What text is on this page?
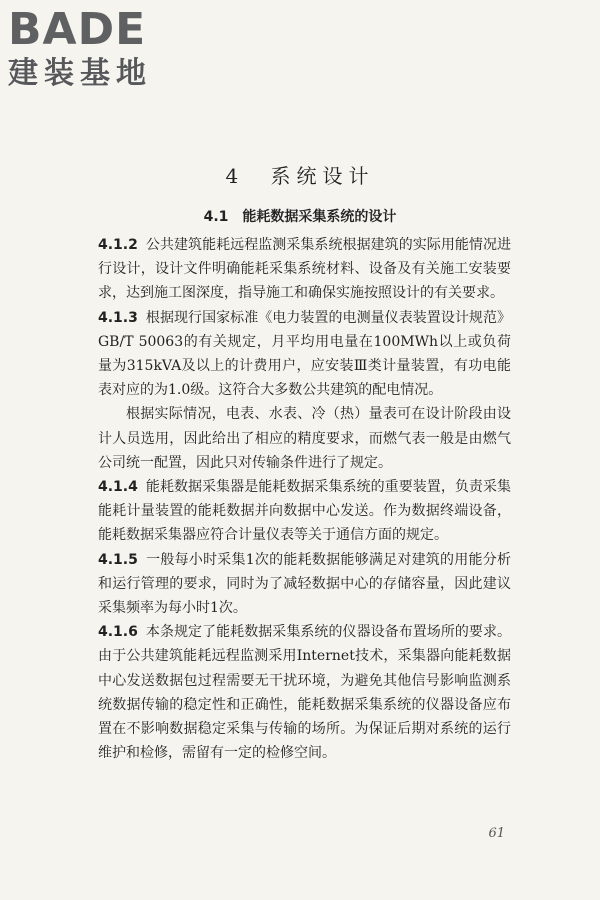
BADE
建装基地
4 系统设计
4.1 能耗数据采集系统的设计

4.1.2 公共建筑能耗远程监测采集系统根据建筑的实际用能情况进行设计，设计文件明确能耗采集系统材料、设备及有关施工安装要求，达到施工图深度，指导施工和确保实施按照设计的有关要求。

4.1.3 根据现行国家标准《电力装置的电测量仪表装置设计规范》GB/T 50063的有关规定，月平均用电量在100MWh以上或负荷量为315kVA及以上的计费用户，应安装Ⅲ类计量装置，有功电能表对应的为1.0级。这符合大多数公共建筑的配电情况。

根据实际情况，电表、水表、冷（热）量表可在设计阶段由设计人员选用，因此给出了相应的精度要求，而燃气表一般是由燃气公司统一配置，因此只对传输条件进行了规定。

4.1.4 能耗数据采集器是能耗数据采集系统的重要装置，负责采集能耗计量装置的能耗数据并向数据中心发送。作为数据终端设备，能耗数据采集器应符合计量仪表等关于通信方面的规定。

4.1.5 一般每小时采集1次的能耗数据能够满足对建筑的用能分析和运行管理的要求，同时为了减轻数据中心的存储容量，因此建议采集频率为每小时1次。

4.1.6 本条规定了能耗数据采集系统的仪器设备布置场所的要求。由于公共建筑能耗远程监测采用Internet技术，采集器向能耗数据中心发送数据包过程需要无干扰环境，为避免其他信号影响监测系统数据传输的稳定性和正确性，能耗数据采集系统的仪器设备应布置在不影响数据稳定采集与传输的场所。为保证后期对系统的运行维护和检修，需留有一定的检修空间。

61
